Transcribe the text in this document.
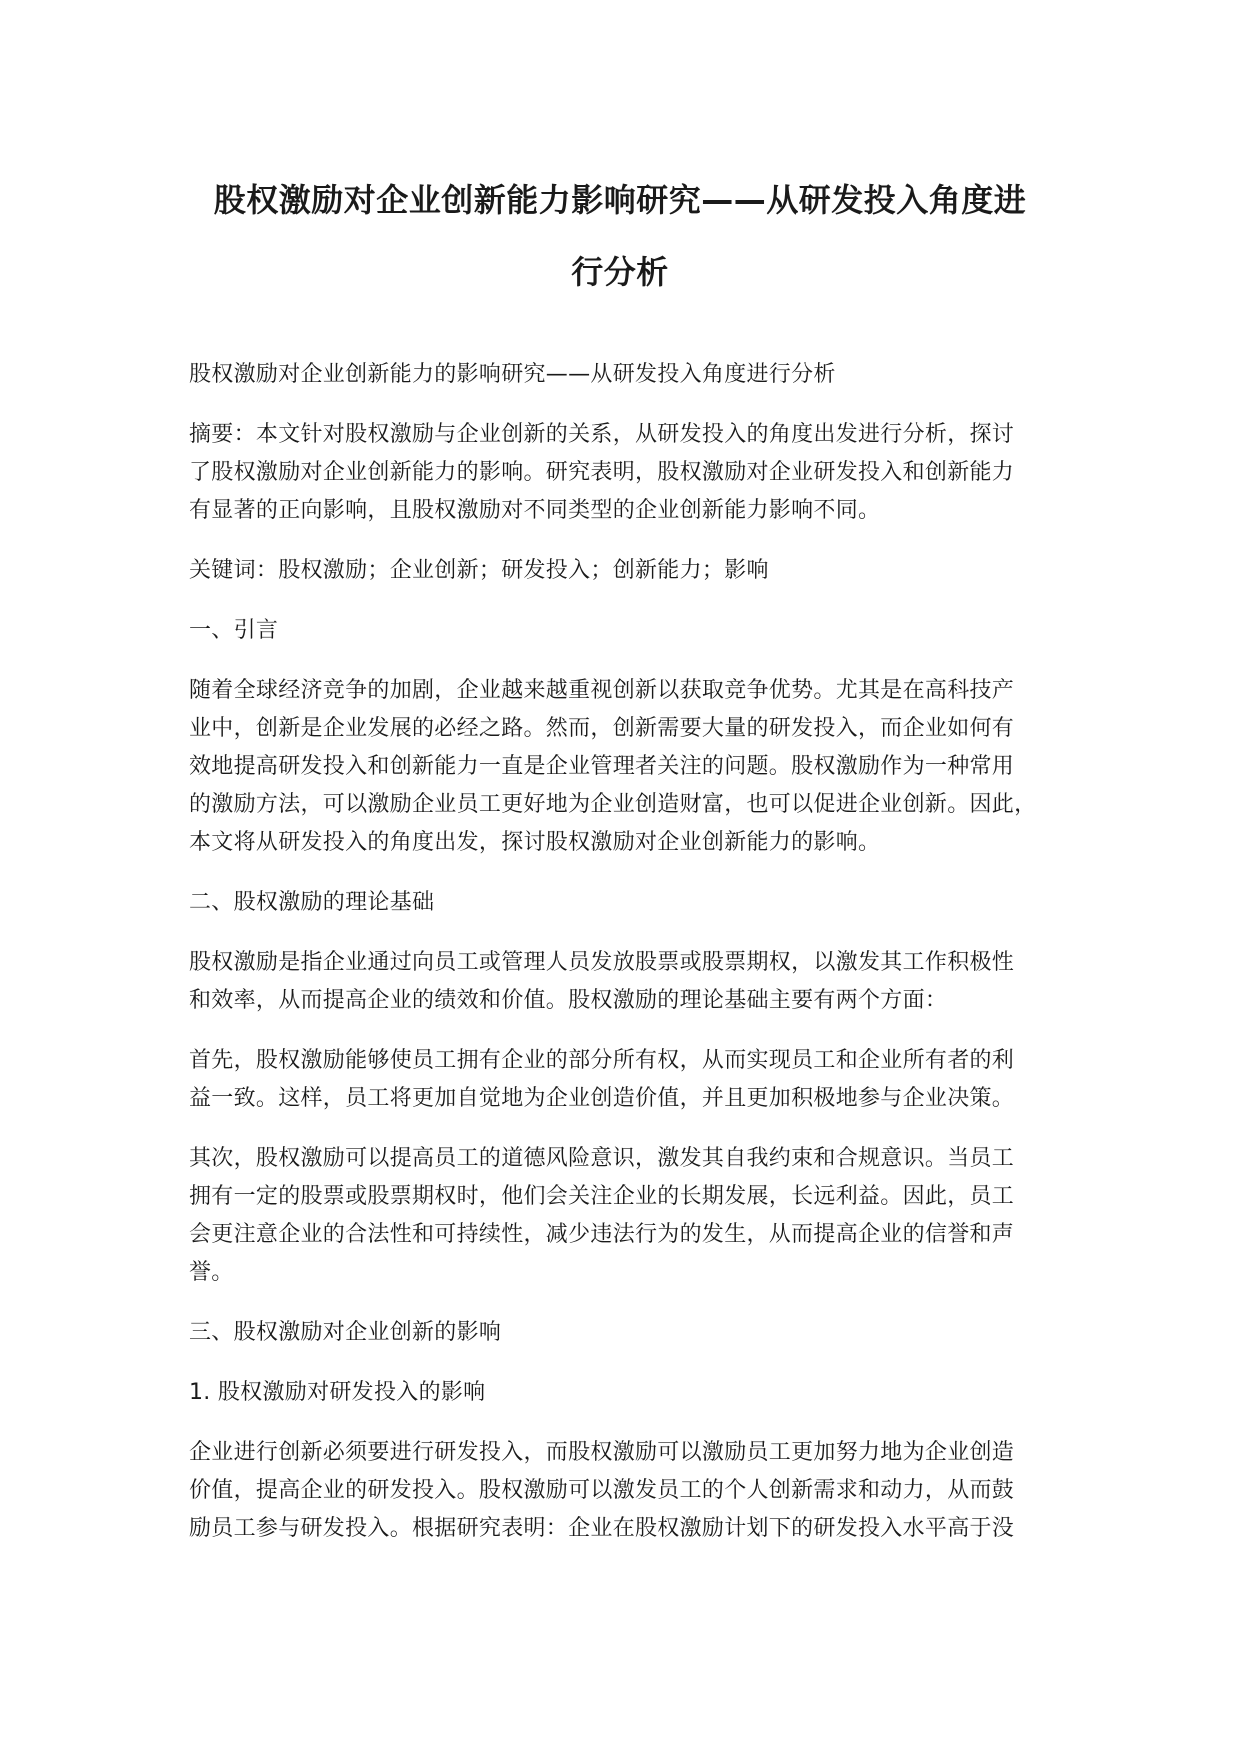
股权激励对企业创新能力影响研究——从研发投入角度进
行分析

股权激励对企业创新能力的影响研究——从研发投入角度进行分析

摘要：本文针对股权激励与企业创新的关系，从研发投入的角度出发进行分析，探讨

了股权激励对企业创新能力的影响。研究表明，股权激励对企业研发投入和创新能力

有显著的正向影响，且股权激励对不同类型的企业创新能力影响不同。

关键词：股权激励；企业创新；研发投入；创新能力；影响

一、引言

随着全球经济竞争的加剧，企业越来越重视创新以获取竞争优势。尤其是在高科技产

业中，创新是企业发展的必经之路。然而，创新需要大量的研发投入，而企业如何有

效地提高研发投入和创新能力一直是企业管理者关注的问题。股权激励作为一种常用

的激励方法，可以激励企业员工更好地为企业创造财富，也可以促进企业创新。因此，

本文将从研发投入的角度出发，探讨股权激励对企业创新能力的影响。

二、股权激励的理论基础

股权激励是指企业通过向员工或管理人员发放股票或股票期权，以激发其工作积极性

和效率，从而提高企业的绩效和价值。股权激励的理论基础主要有两个方面：

首先，股权激励能够使员工拥有企业的部分所有权，从而实现员工和企业所有者的利

益一致。这样，员工将更加自觉地为企业创造价值，并且更加积极地参与企业决策。

其次，股权激励可以提高员工的道德风险意识，激发其自我约束和合规意识。当员工

拥有一定的股票或股票期权时，他们会关注企业的长期发展，长远利益。因此，员工

会更注意企业的合法性和可持续性，减少违法行为的发生，从而提高企业的信誉和声

誉。

三、股权激励对企业创新的影响

1. 股权激励对研发投入的影响

企业进行创新必须要进行研发投入，而股权激励可以激励员工更加努力地为企业创造

价值，提高企业的研发投入。股权激励可以激发员工的个人创新需求和动力，从而鼓

励员工参与研发投入。根据研究表明：企业在股权激励计划下的研发投入水平高于没
